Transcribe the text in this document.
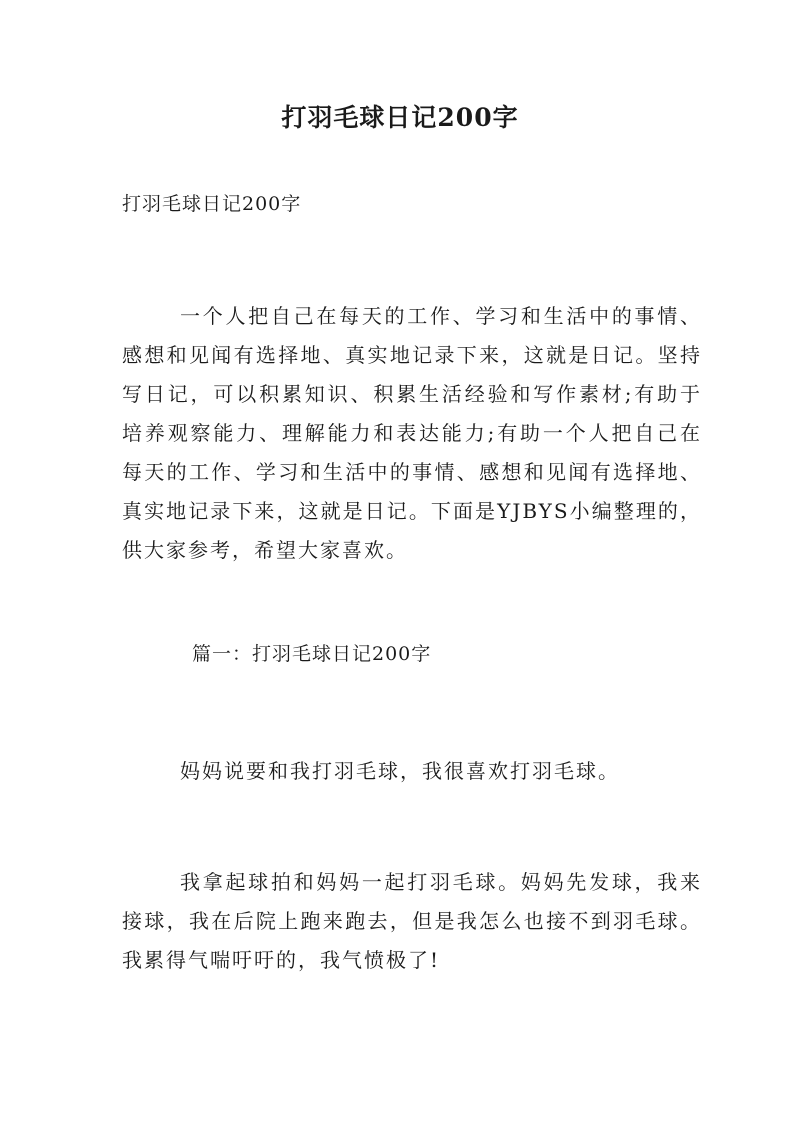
打羽毛球日记200字
打羽毛球日记200字

一个人把自己在每天的工作、学习和生活中的事情、感想和见闻有选择地、真实地记录下来，这就是日记。坚持写日记，可以积累知识、积累生活经验和写作素材;有助于培养观察能力、理解能力和表达能力;有助一个人把自己在每天的工作、学习和生活中的事情、感想和见闻有选择地、真实地记录下来，这就是日记。下面是YJBYS小编整理的，供大家参考，希望大家喜欢。

篇一：打羽毛球日记200字

妈妈说要和我打羽毛球，我很喜欢打羽毛球。

我拿起球拍和妈妈一起打羽毛球。妈妈先发球，我来接球，我在后院上跑来跑去，但是我怎么也接不到羽毛球。我累得气喘吁吁的，我气愤极了!
